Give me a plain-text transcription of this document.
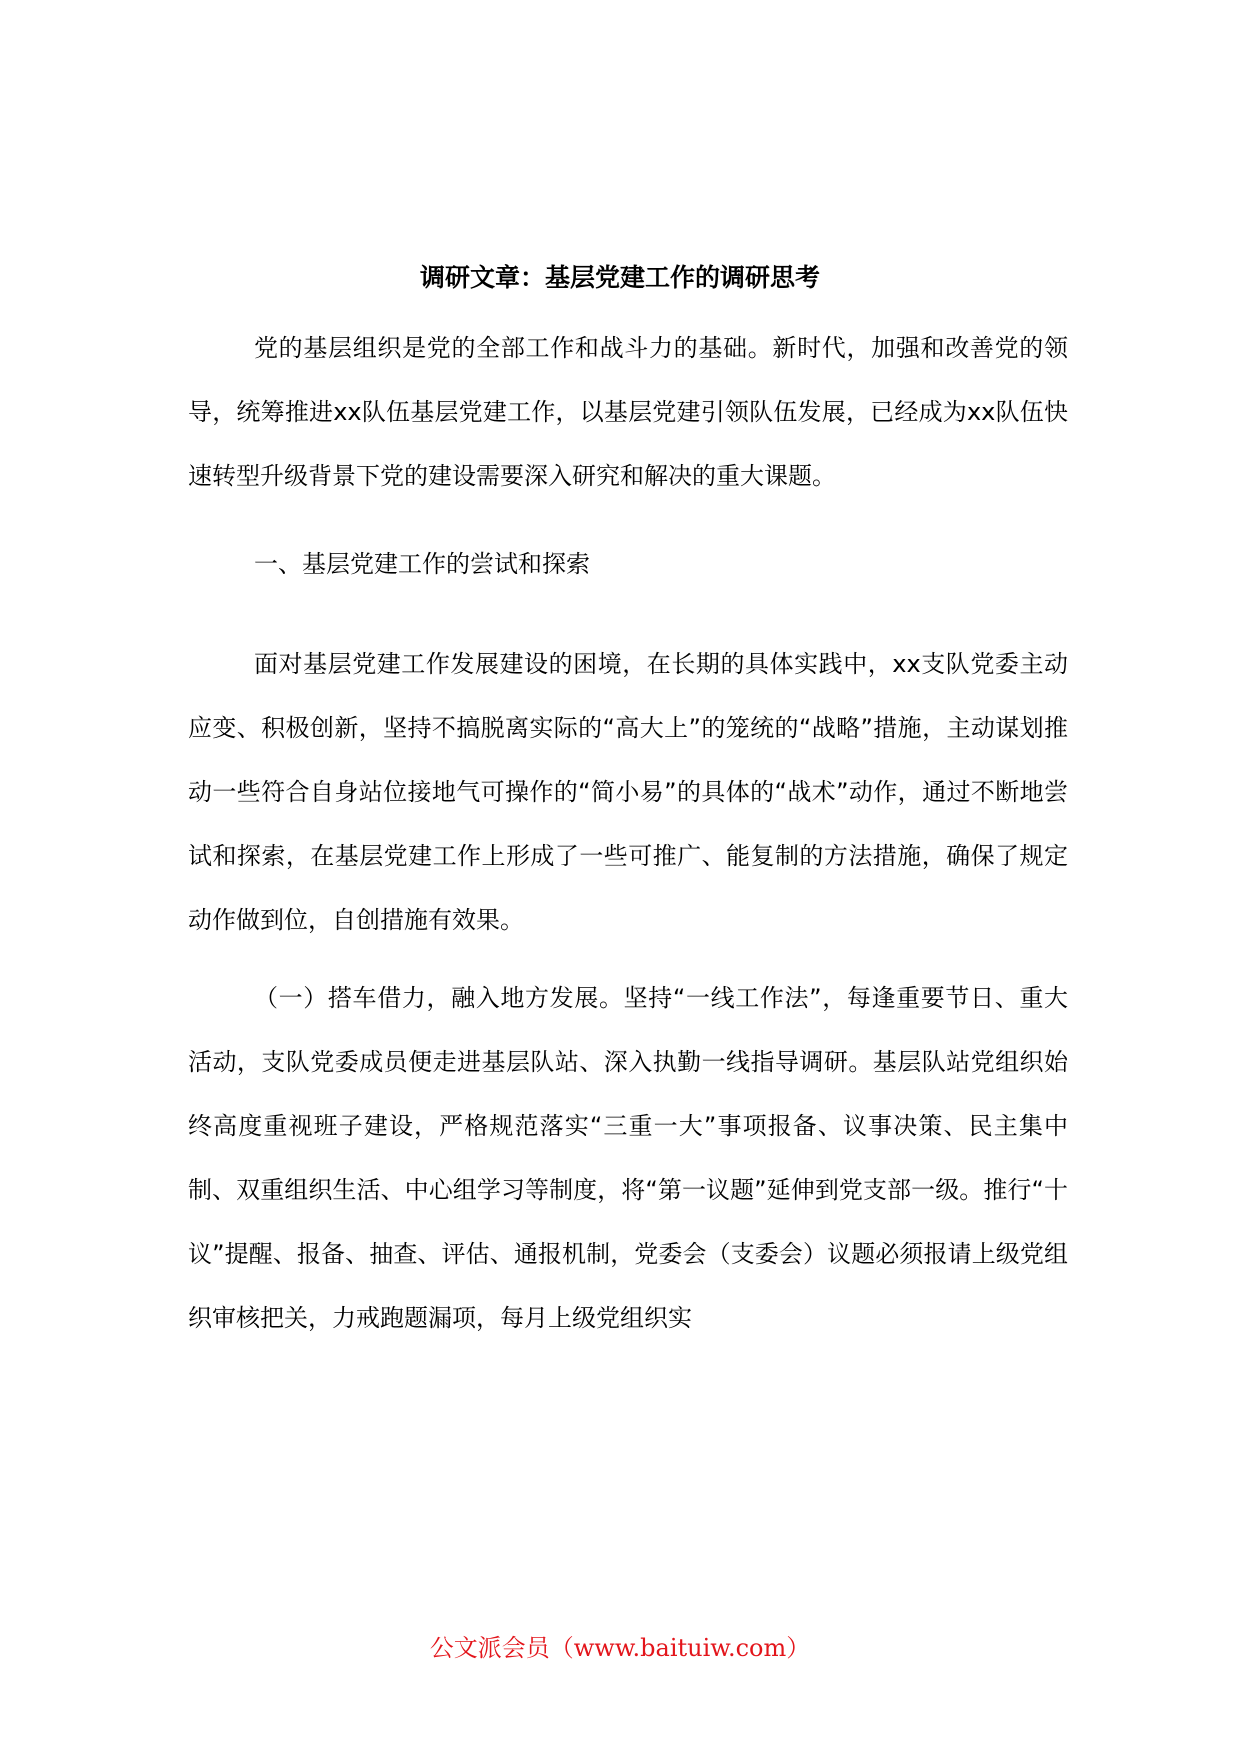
调研文章：基层党建工作的调研思考
党的基层组织是党的全部工作和战斗力的基础。新时代，加强和改善党的领导，统筹推进xx队伍基层党建工作，以基层党建引领队伍发展，已经成为xx队伍快速转型升级背景下党的建设需要深入研究和解决的重大课题。
一、基层党建工作的尝试和探索
面对基层党建工作发展建设的困境，在长期的具体实践中，xx支队党委主动应变、积极创新，坚持不搞脱离实际的“高大上”的笼统的“战略”措施，主动谋划推动一些符合自身站位接地气可操作的“简小易”的具体的“战术”动作，通过不断地尝试和探索，在基层党建工作上形成了一些可推广、能复制的方法措施，确保了规定动作做到位，自创措施有效果。
（一）搭车借力，融入地方发展。坚持“一线工作法”，每逢重要节日、重大活动，支队党委成员便走进基层队站、深入执勤一线指导调研。基层队站党组织始终高度重视班子建设，严格规范落实“三重一大”事项报备、议事决策、民主集中制、双重组织生活、中心组学习等制度，将“第一议题”延伸到党支部一级。推行“十议”提醒、报备、抽查、评估、通报机制，党委会（支委会）议题必须报请上级党组织审核把关，力戒跑题漏项，每月上级党组织实
公文派会员（www.baituiw.com）
